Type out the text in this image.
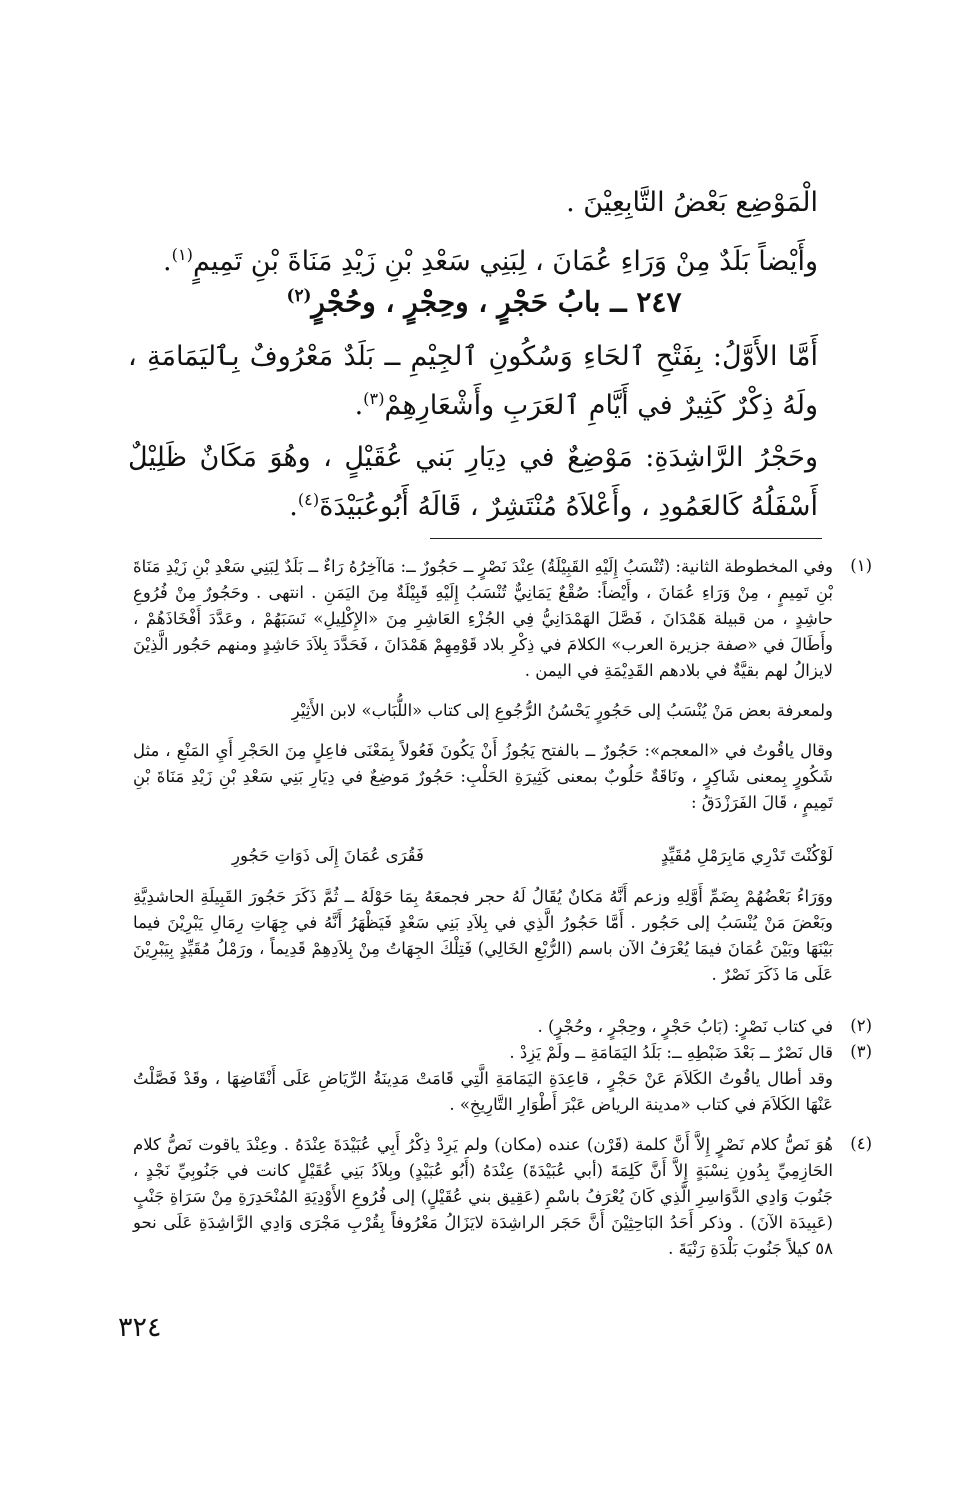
الْمَوْضِع بَعْضُ التَّابِعِيْنَ .

وأَيْضاً بَلَدٌ مِنْ وَرَاءِ عُمَانَ ، لِبَنِي سَعْدِ بْنِ زَيْدِ مَنَاةَ بْنِ تَمِيمٍ$^{(١)}$.

٢٤٧ ــ بابُ حَجْرٍ ، وحِجْرٍ ، وحُجْرٍ$^{(٢)}$

أَمَّا الأَوَّلُ: بِفَتْحِ ٱلحَاءِ وَسُكُونِ ٱلجِيْمِ ــ بَلَدٌ مَعْرُوفٌ بِٱليَمَامَةِ ، ولَهُ ذِكْرٌ كَثِيرٌ في أَيَّامِ ٱلعَرَبِ وأَشْعَارِهِمْ$^{(٣)}$.

وحَجْرُ الرَّاشِدَةِ: مَوْضِعٌ في دِيَارِ بَني عُقَيْلٍ ، وهُوَ مَكَانٌ ظَلِيْلٌ أَسْفَلُهُ كَالعَمُودِ ، وأَعْلاَهُ مُنْتَشِرٌ ، قَالَهُ أَبُوعُبَيْدَةَ$^{(٤)}$.

(١)

وفي المخطوطة الثانية: (تُنْسَبُ إِلَيْهِ القَبِيْلَةُ) عِنْدَ نَصْرٍ ــ حَجُورٌ ــ: مَاآخِرُهُ رَاءٌ ــ بَلَدٌ لِبَنِي سَعْدِ بْنِ زَيْدِ مَنَاةَ بْنِ تَمِيمٍ ، مِنْ وَرَاءِ عُمَانَ ، وأَيْضاً: صُقْعٌ يَمَانِيٌّ تُنْسَبُ إِلَيْهِ قَبِيْلَةٌ مِنَ اليَمَنِ . انتهى . وحَجُورٌ مِنْ فُرُوعِ حاشِدٍ ، من قبيلة هَمْدَانَ ، فَصَّلَ الهَمْدَانِيُّ فِي الجُزْءِ العَاشِرِ مِنَ «الإِكْلِيلِ» نَسَبَهُمْ ، وعَدَّدَ أَفْخَاذَهُمْ ، وأَطَالَ في «صفة جزيرة العرب» الكلامَ في ذِكْرِ بلاد قَوْمِهِمْ هَمْدَانَ ، فَحَدَّدَ بِلاَدَ حَاشِدٍ ومنهم حَجُور الَّذِيْنَ لايزالُ لهم بقيَّةٌ في بلادهم القَدِيْمَةِ في اليمن .

ولمعرفة بعض مَنْ يُنْسَبُ إلى حَجُورٍ يَحْسُنُ الرُّجُوعِ إلى كتاب «اللُّبَاب» لابن الأَثِيْرِ

وقال ياقُوتُ في «المعجم»: حَجُورٌ ــ بالفتح يَجُوزُ أَنْ يَكُونَ فَعُولاً بِمَعْنَى فاعِلٍ مِنَ الحَجْرِ أَيِ المَنْعِ ، مثل شَكُورٍ بِمعنى شَاكِرٍ ، ونَاقَةٌ حَلُوبٌ بمعنى كَثِيرَةِ الحَلْبِ: حَجُورٌ مَوضِعٌ في دِيَارِ بَنِي سَعْدِ بْنِ زَيْدِ مَنَاةَ بْنِ تَمِيمٍ ، قَالَ الفَرَزْدَقُ :

لَوْكُنْتَ تَدْرِي مَابِرَمْلِ مُقَيِّدٍ
فَقُرَى عُمَانَ إِلَى ذَوَاتِ حَجُورِ

ووَرَاءُ بَعْضُهُمْ بِضَمِّ أَوَّلِهِ وزعم أَنَّهُ مَكانٌ يُقَالُ لَهُ حجر فجمعَهُ بِمَا حَوْلَهُ ــ ثُمَّ ذَكَرَ حَجُورَ القَبِيلَةِ الحاشدِيَّةِ وبَعْضَ مَنْ يُنْسَبُ إلى حَجُور . أَمَّا حَجُورُ الَّذِي في بِلاَدِ بَنِي سَعْدٍ فَيَظْهَرُ أَنَّهُ في جِهَاتِ رِمَالِ يَبْرِيْنَ فيما بَيْنَهَا وبَيْنَ عُمَانَ فيمَا يُعْرَفُ الآن باسم (الرُّبْعِ الخَالِي) فَتِلْكَ الجِهَاتُ مِنْ بِلاَدِهِمْ قَدِيماً ، ورَمْلُ مُقَيِّدٍ بِيَبْرِيْنَ عَلَى مَا ذَكَرَ نَصْرٌ .

(٢)

في كتاب نَصْرٍ: (بَابُ حَجْرٍ ، وحِجْرٍ ، وحُجْرٍ) .

(٣)

قال نَصْرٌ ــ بَعْدَ ضَبْطِهِ ــ: بَلَدُ اليَمَامَةِ ــ ولَمْ يَزِدْ .

وقد أطال ياقُوتُ الكَلاَمَ عَنْ حَجْرٍ ، قاعِدَةِ اليَمَامَةِ الَّتِي قَامَتْ مَدِينَةُ الرِّيَاضِ عَلَى أَنْقَاضِهَا ، وقَدْ فَصَّلْتُ عَنْهَا الكَلاَمَ في كتاب «مدينة الرياض عَبْرَ أَطْوَارِ التَّارِيخِ» .

(٤)

هُوَ نَصُّ كلام نَصْرٍ إِلاَّ أَنَّ كلمة (قَرْن) عنده (مكان) ولم يَرِدْ ذِكْرُ أَبِي عُبَيْدَةَ عِنْدَهُ . وعِنْدَ ياقوت نَصُّ كلام الحَازِمِيِّ بِدُونِ نِسْبَةٍ إِلاَّ أَنَّ كَلِمَةَ (أبي عُبَيْدَةَ) عِنْدَهُ (أَبُو عُبَيْدٍ) وبِلاَدُ بَنِي عُقَيْلٍ كانت في جَنُوبِيِّ نَجْدٍ ، جَنُوبَ وَادِي الدَّوَاسِرِ الَّذِي كَانَ يُعْرَفُ باسْمِ (عَقِيق بني عُقَيْلٍ) إلى فُرُوعِ الأَوْدِيَةِ المُنْحَدِرَةِ مِنْ سَرَاةِ جَنْبٍ (عَبِيدَة الآنَ) . وذكر أَحَدُ البَاحِثِيْنَ أَنَّ حَجَر الراشِدَة لايَزَالُ مَعْرُوفاً بِقُرْبِ مَجْرَى وَادِي الرَّاشِدَةِ عَلَى نحو ٥٨ كيلاً جَنُوبَ بَلْدَةِ رَنْيَةَ .

٣٢٤
